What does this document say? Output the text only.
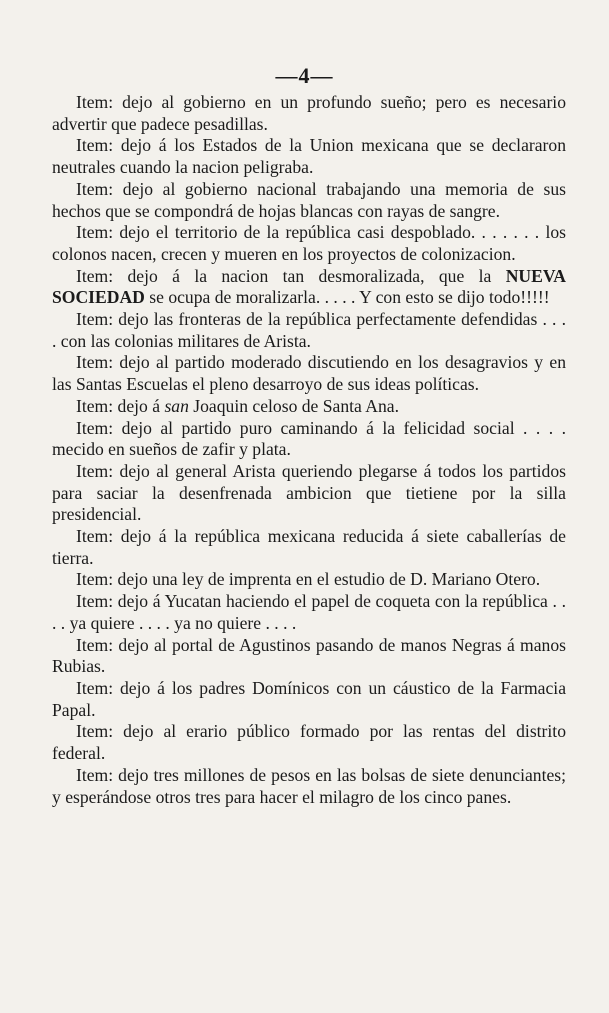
—4—

Item: dejo al gobierno en un profundo sueño; pero es necesario advertir que padece pesadillas.

Item: dejo á los Estados de la Union mexicana que se declararon neutrales cuando la nacion peligraba.

Item: dejo al gobierno nacional trabajando una memoria de sus hechos que se compondrá de hojas blancas con rayas de sangre.

Item: dejo el territorio de la república casi despoblado. . . . . . . los colonos nacen, crecen y mueren en los proyectos de colonizacion.

Item: dejo á la nacion tan desmoralizada, que la NUEVA SOCIEDAD se ocupa de moralizarla. . . . . Y con esto se dijo todo!!!!!

Item: dejo las fronteras de la república perfectamente defendidas . . . . con las colonias militares de Arista.

Item: dejo al partido moderado discutiendo en los desagravios y en las Santas Escuelas el pleno desarroyo de sus ideas políticas.

Item: dejo á san Joaquin celoso de Santa Ana.

Item: dejo al partido puro caminando á la felicidad social . . . . mecido en sueños de zafir y plata.

Item: dejo al general Arista queriendo plegarse á todos los partidos para saciar la desenfrenada ambicion que tietiene por la silla presidencial.

Item: dejo á la república mexicana reducida á siete caballerías de tierra.

Item: dejo una ley de imprenta en el estudio de D. Mariano Otero.

Item: dejo á Yucatan haciendo el papel de coqueta con la república . . . . ya quiere . . . . ya no quiere . . . .

Item: dejo al portal de Agustinos pasando de manos Negras á manos Rubias.

Item: dejo á los padres Domínicos con un cáustico de la Farmacia Papal.

Item: dejo al erario público formado por las rentas del distrito federal.

Item: dejo tres millones de pesos en las bolsas de siete denunciantes; y esperándose otros tres para hacer el milagro de los cinco panes.
